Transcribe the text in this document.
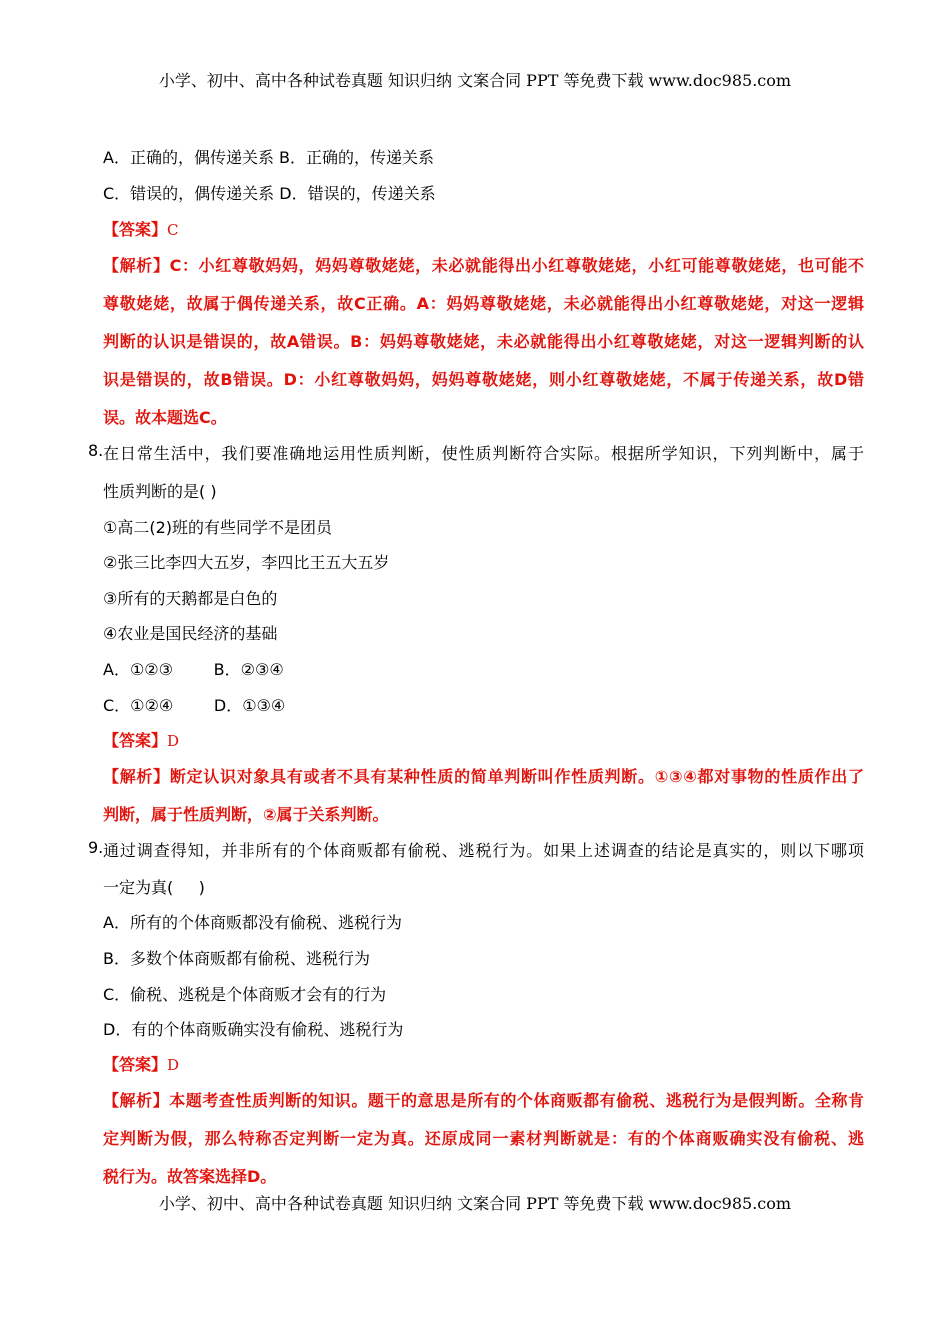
小学、初中、高中各种试卷真题 知识归纳 文案合同 PPT 等免费下载 www.doc985.com
A．正确的，偶传递关系 B．正确的，传递关系
C．错误的，偶传递关系 D．错误的，传递关系
【答案】C
【解析】C：小红尊敬妈妈，妈妈尊敬姥姥，未必就能得出小红尊敬姥姥，小红可能尊敬姥姥，也可能不
尊敬姥姥，故属于偶传递关系，故C正确。A：妈妈尊敬姥姥，未必就能得出小红尊敬姥姥，对这一逻辑
判断的认识是错误的，故A错误。B：妈妈尊敬姥姥，未必就能得出小红尊敬姥姥，对这一逻辑判断的认
识是错误的，故B错误。D：小红尊敬妈妈，妈妈尊敬姥姥，则小红尊敬姥姥，不属于传递关系，故D错
误。故本题选C。
8. 在日常生活中，我们要准确地运用性质判断，使性质判断符合实际。根据所学知识，下列判断中，属于
性质判断的是( )
①高二(2)班的有些同学不是团员
②张三比李四大五岁，李四比王五大五岁
③所有的天鹅都是白色的
④农业是国民经济的基础
A．①②③        B．②③④
C．①②④        D．①③④
【答案】D
【解析】断定认识对象具有或者不具有某种性质的简单判断叫作性质判断。①③④都对事物的性质作出了
判断，属于性质判断，②属于关系判断。
9. 通过调查得知，并非所有的个体商贩都有偷税、逃税行为。如果上述调查的结论是真实的，则以下哪项
一定为真(     )
A．所有的个体商贩都没有偷税、逃税行为
B．多数个体商贩都有偷税、逃税行为
C．偷税、逃税是个体商贩才会有的行为
D．有的个体商贩确实没有偷税、逃税行为
【答案】D
【解析】本题考查性质判断的知识。题干的意思是所有的个体商贩都有偷税、逃税行为是假判断。全称肯
定判断为假，那么特称否定判断一定为真。还原成同一素材判断就是：有的个体商贩确实没有偷税、逃
税行为。故答案选择D。
小学、初中、高中各种试卷真题 知识归纳 文案合同 PPT 等免费下载 www.doc985.com
